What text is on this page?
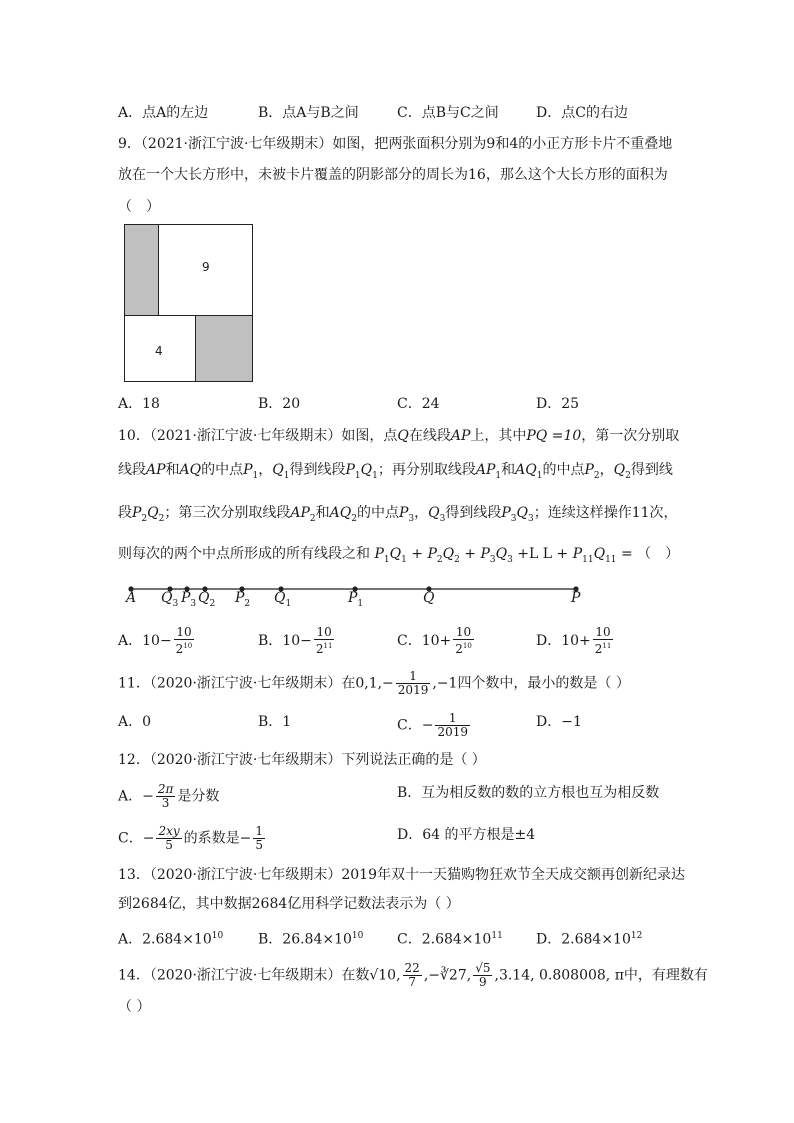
A．点A的左边	B．点A与B之间	C．点B与C之间	D．点C的右边
9．（2021·浙江宁波·七年级期末）如图，把两张面积分别为9和4的小正方形卡片不重叠地
放在一个大长方形中，未被卡片覆盖的阴影部分的周长为16，那么这个大长方形的面积为
（　）
9
4
A．18	B．20	C．24	D．25
10．（2021·浙江宁波·七年级期末）如图，点Q在线段AP上，其中PQ =10，第一次分别取
线段AP和AQ的中点$P_1$，$Q_1$得到线段$P_1Q_1$；再分别取线段$AP_1$和$AQ_1$的中点$P_2$，$Q_2$得到线
段$P_2Q_2$；第三次分别取线段$AP_2$和$AQ_2$的中点$P_3$，$Q_3$得到线段$P_3Q_3$；连续这样操作11次，
则每次的两个中点所形成的所有线段之和 $P_1Q_1 + P_2Q_2 + P_3Q_3 +L$ $L + P_{11}Q_{11}$ = （　）
A $Q_3$ $P_3$ $Q_2$ $P_2$ $Q_1$	$P_1$	Q	P
A．$10- \frac{10}{2^{10}}$	B．$10- \frac{10}{2^{11}}$	C．$10+ \frac{10}{2^{10}}$	D．$10+ \frac{10}{2^{11}}$
11．（2020·浙江宁波·七年级期末）在$0,1,- \frac{1}{2019} ,-1$四个数中，最小的数是（ ）
A．0	B．1	C．− $\frac{1}{2019}$	D．−1
12．（2020·浙江宁波·七年级期末）下列说法正确的是（ ）
A．− $\frac{2\pi}{3}$ 是分数	B．互为相反数的数的立方根也互为相反数
C．− $\frac{2xy}{5}$ 的系数是− $\frac{1}{5}$	D．64 的平方根是±4
13．（2020·浙江宁波·七年级期末）2019年双十一天猫购物狂欢节全天成交额再创新纪录达
到2684亿，其中数据2684亿用科学记数法表示为（ ）
A．$2.684\times 10^{10}$ B．$26.84\times 10^{10}$ C．$2.684\times 10^{11}$ D．$2.684\times 10^{12}$
14．（2020·浙江宁波·七年级期末）在数√10, $\frac{22}{7}$ ,−∛27, $\frac{√5}{9} ,3.14$, 0.808008, π中，有理数有
（ ）
